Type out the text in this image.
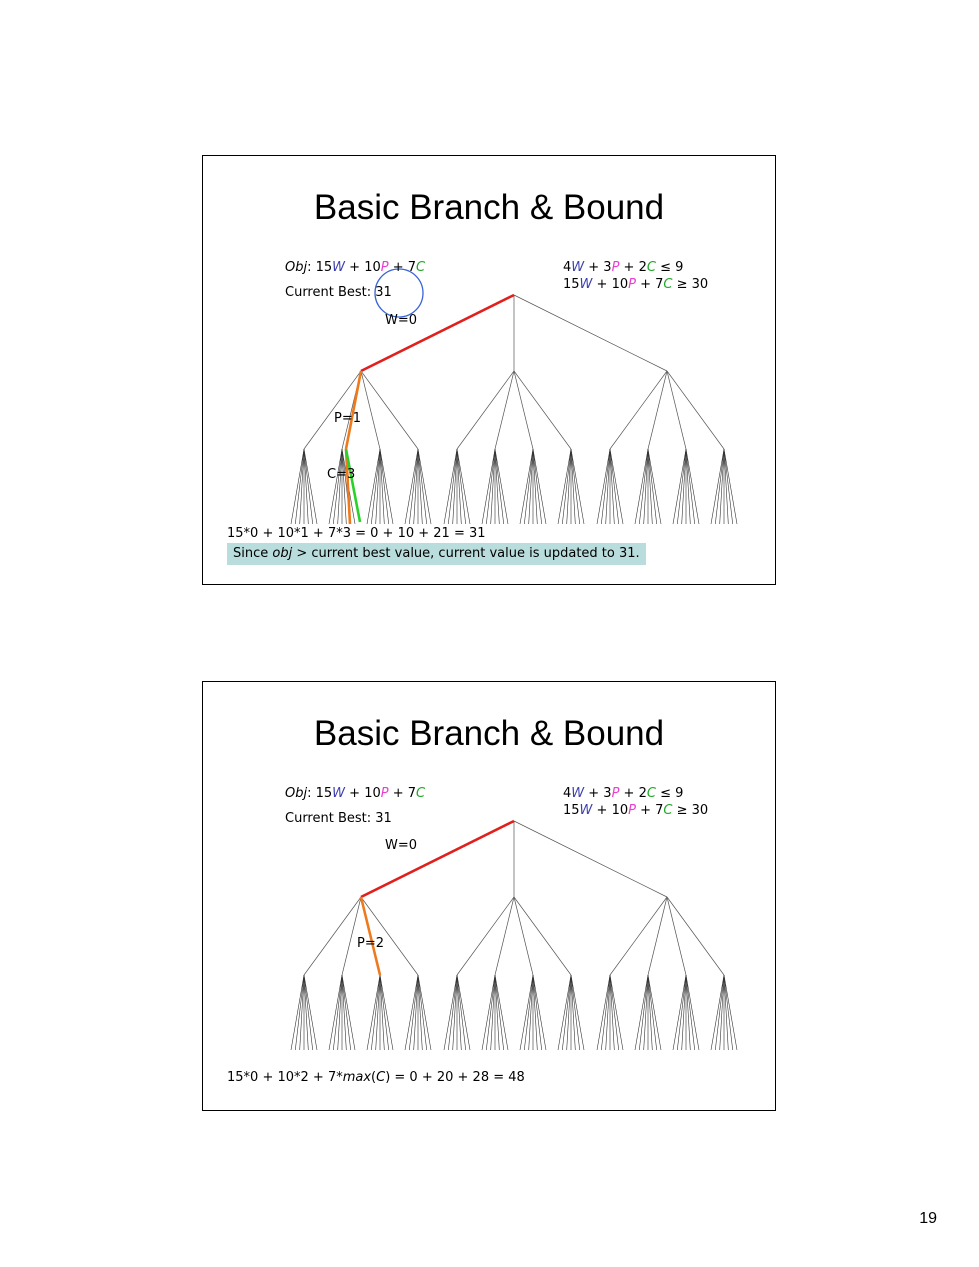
Basic Branch & Bound
Obj: 15W + 10P + 7C
Current Best: 31
4W + 3P + 2C ≤ 9
15W + 10P + 7C ≥ 30
W=0
P=1
C=3
15*0 + 10*1 + 7*3 = 0 + 10 + 21 = 31
Since obj > current best value, current value is updated to 31.
Basic Branch & Bound
Obj: 15W + 10P + 7C
Current Best: 31
4W + 3P + 2C ≤ 9
15W + 10P + 7C ≥ 30
W=0
P=2
15*0 + 10*2 + 7*max(C) = 0 + 20 + 28 = 48
19
